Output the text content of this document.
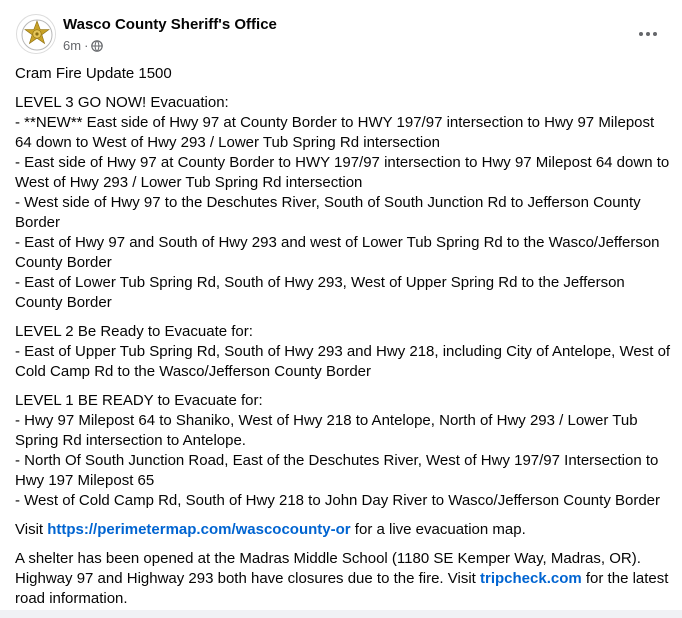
Wasco County Sheriff's Office
6m ·

Cram Fire Update 1500

LEVEL 3 GO NOW! Evacuation:
- **NEW** East side of Hwy 97 at County Border to HWY 197/97 intersection to Hwy 97 Milepost 64 down to West of Hwy 293 / Lower Tub Spring Rd intersection
- East side of Hwy 97 at County Border to HWY 197/97 intersection to Hwy 97 Milepost 64 down to West of Hwy 293 / Lower Tub Spring Rd intersection
- West side of Hwy 97 to the Deschutes River, South of South Junction Rd to Jefferson County Border
- East of Hwy 97 and South of Hwy 293 and west of Lower Tub Spring Rd to the Wasco/Jefferson County Border
- East of Lower Tub Spring Rd, South of Hwy 293, West of Upper Spring Rd to the Jefferson County Border

LEVEL 2 Be Ready to Evacuate for:
- East of Upper Tub Spring Rd, South of Hwy 293 and Hwy 218, including City of Antelope, West of Cold Camp Rd to the Wasco/Jefferson County Border

LEVEL 1 BE READY to Evacuate for:
- Hwy 97 Milepost 64 to Shaniko, West of Hwy 218 to Antelope, North of Hwy 293 / Lower Tub Spring Rd intersection to Antelope.
- North Of South Junction Road, East of the Deschutes River, West of Hwy 197/97 Intersection to Hwy 197 Milepost 65
- West of Cold Camp Rd, South of Hwy 218 to John Day River to Wasco/Jefferson County Border

Visit https://perimetermap.com/wascocounty-or for a live evacuation map.

A shelter has been opened at the Madras Middle School (1180 SE Kemper Way, Madras, OR). Highway 97 and Highway 293 both have closures due to the fire. Visit tripcheck.com for the latest road information.
